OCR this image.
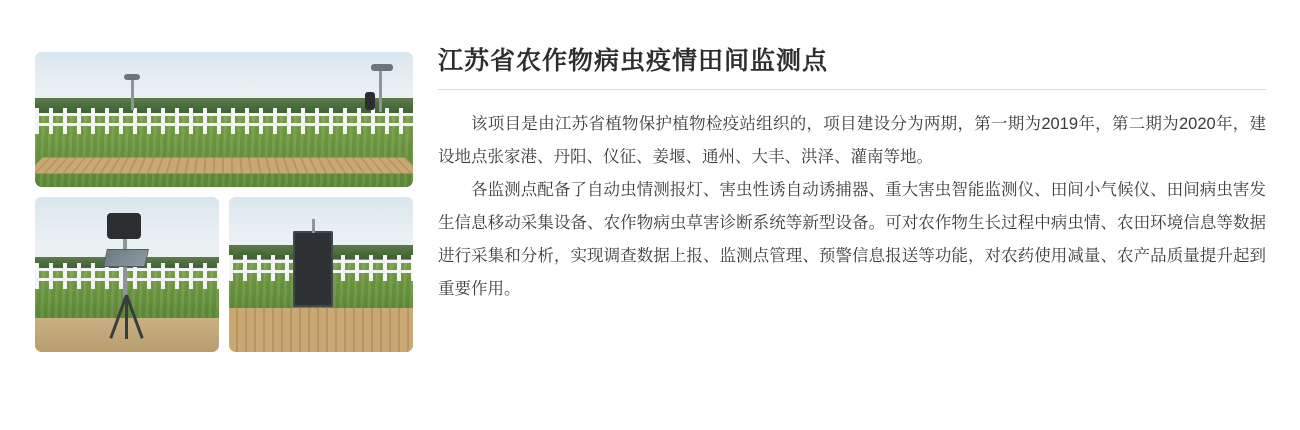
江苏省农作物病虫疫情田间监测点

该项目是由江苏省植物保护植物检疫站组织的，项目建设分为两期，第一期为2019年，第二期为2020年，建设地点张家港、丹阳、仪征、姜堰、通州、大丰、洪泽、灌南等地。

各监测点配备了自动虫情测报灯、害虫性诱自动诱捕器、重大害虫智能监测仪、田间小气候仪、田间病虫害发生信息移动采集设备、农作物病虫草害诊断系统等新型设备。可对农作物生长过程中病虫情、农田环境信息等数据进行采集和分析，实现调查数据上报、监测点管理、预警信息报送等功能，对农药使用减量、农产品质量提升起到重要作用。
